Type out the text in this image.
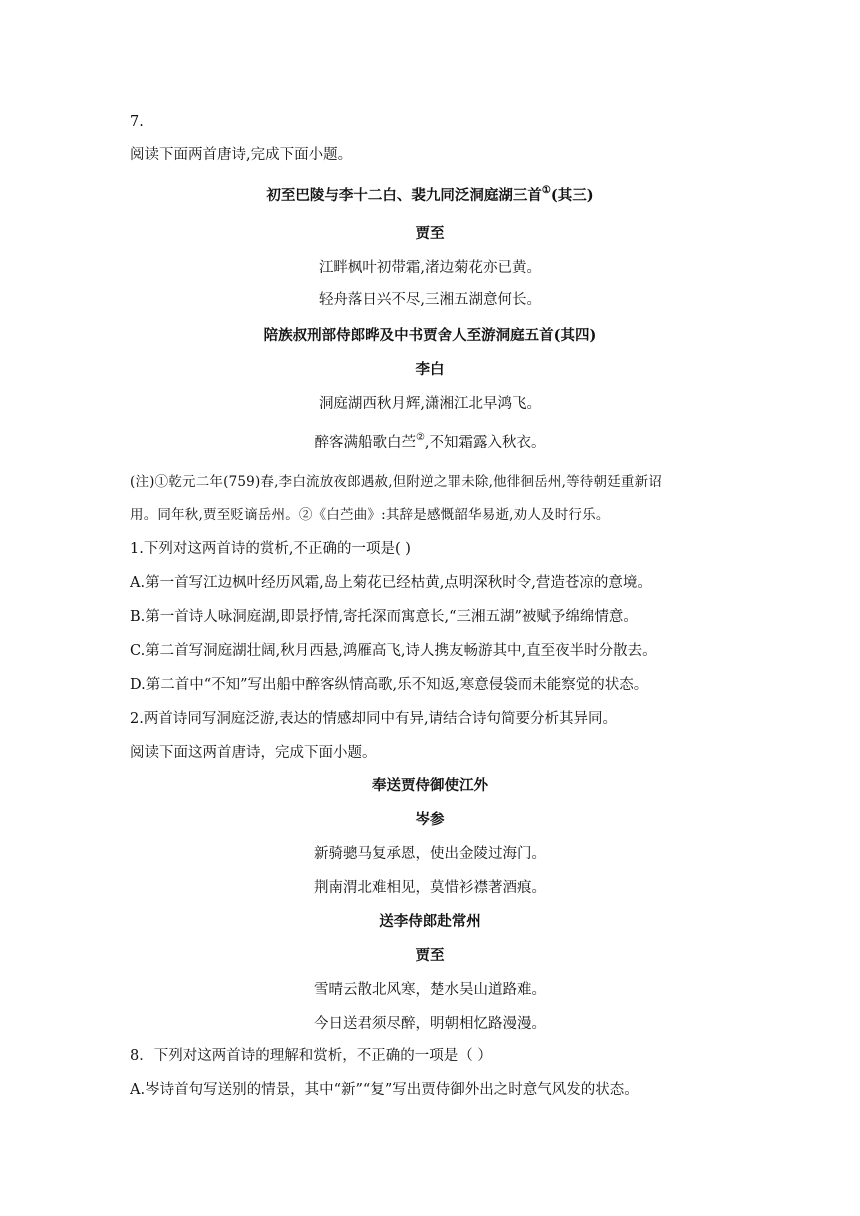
7.
阅读下面两首唐诗,完成下面小题。
初至巴陵与李十二白、裴九同泛洞庭湖三首①(其三)
贾至
江畔枫叶初带霜,渚边菊花亦已黄。
轻舟落日兴不尽,三湘五湖意何长。
陪族叔刑部侍郎晔及中书贾舍人至游洞庭五首(其四)
李白
洞庭湖西秋月辉,潇湘江北早鸿飞。
醉客满船歌白苎②,不知霜露入秋衣。
(注)①乾元二年(759)春,李白流放夜郎遇赦,但附逆之罪未除,他徘徊岳州,等待朝廷重新诏
用。同年秋,贾至贬谪岳州。②《白苎曲》:其辞是感慨韶华易逝,劝人及时行乐。
1.下列对这两首诗的赏析,不正确的一项是( )
A.第一首写江边枫叶经历风霜,岛上菊花已经枯黄,点明深秋时令,营造苍凉的意境。
B.第一首诗人咏洞庭湖,即景抒情,寄托深而寓意长,“三湘五湖”被赋予绵绵情意。
C.第二首写洞庭湖壮阔,秋月西悬,鸿雁高飞,诗人携友畅游其中,直至夜半时分散去。
D.第二首中“不知”写出船中醉客纵情高歌,乐不知返,寒意侵袋而未能察觉的状态。
2.两首诗同写洞庭泛游,表达的情感却同中有异,请结合诗句简要分析其异同。
阅读下面这两首唐诗，完成下面小题。
奉送贾侍御使江外
岑参
新骑骢马复承恩，使出金陵过海门。
荆南渭北难相见，莫惜衫襟著酒痕。
送李侍郎赴常州
贾至
雪晴云散北风寒，楚水吴山道路难。
今日送君须尽醉，明朝相忆路漫漫。
8．下列对这两首诗的理解和赏析，不正确的一项是（ ）
A.岑诗首句写送别的情景，其中“新”“复”写出贾侍御外出之时意气风发的状态。
